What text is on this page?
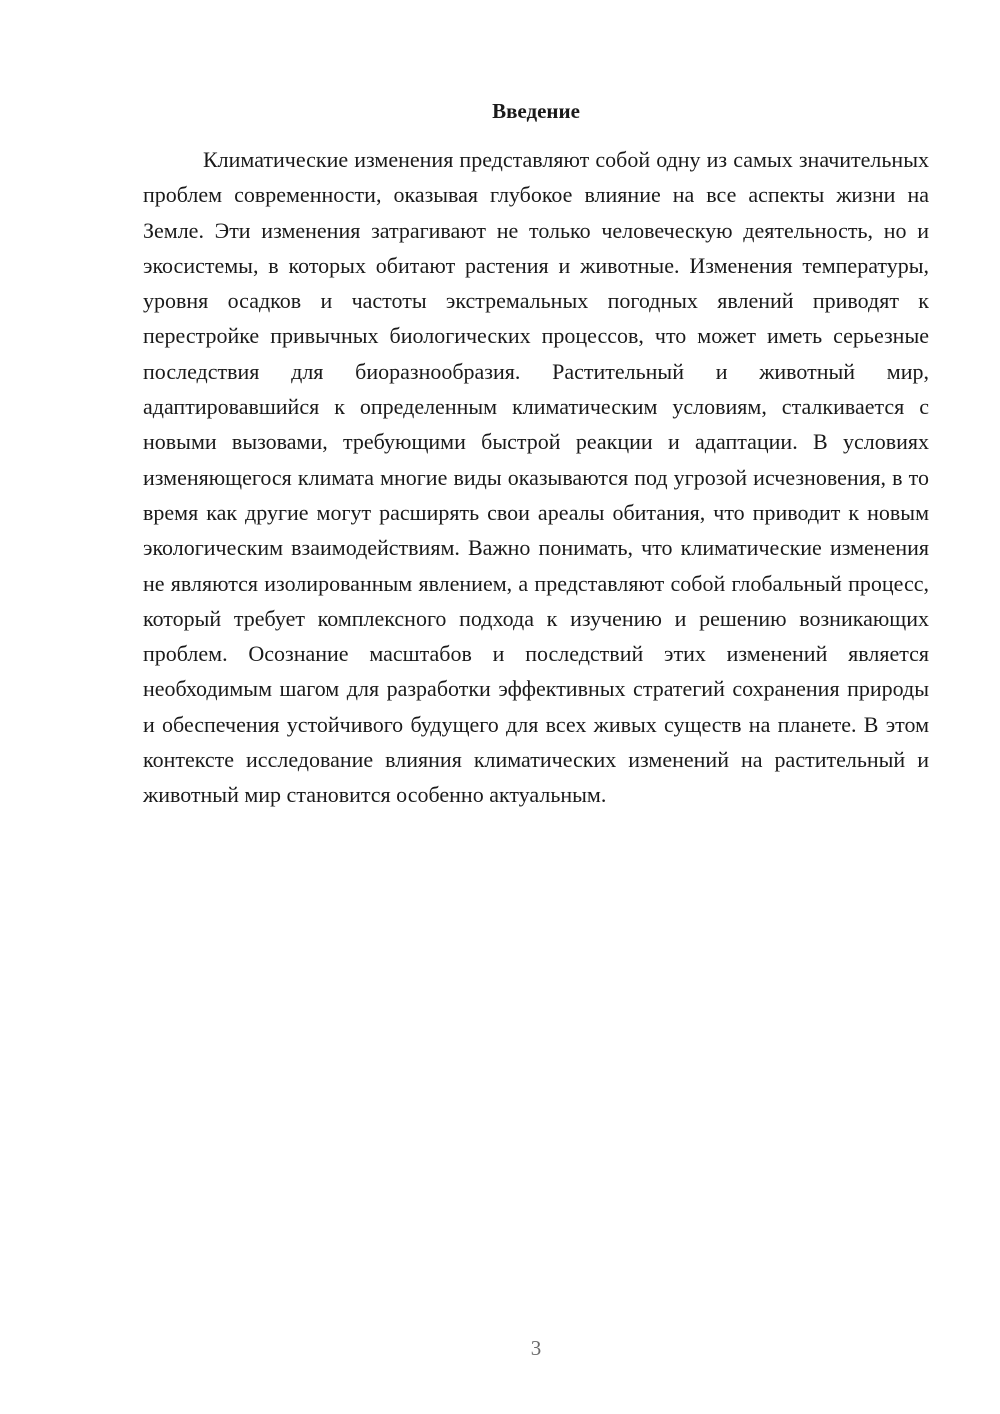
Введение

Климатические изменения представляют собой одну из самых значительных проблем современности, оказывая глубокое влияние на все аспекты жизни на Земле. Эти изменения затрагивают не только человеческую деятельность, но и экосистемы, в которых обитают растения и животные. Изменения температуры, уровня осадков и частоты экстремальных погодных явлений приводят к перестройке привычных биологических процессов, что может иметь серьезные последствия для биоразнообразия. Растительный и животный мир, адаптировавшийся к определенным климатическим условиям, сталкивается с новыми вызовами, требующими быстрой реакции и адаптации. В условиях изменяющегося климата многие виды оказываются под угрозой исчезновения, в то время как другие могут расширять свои ареалы обитания, что приводит к новым экологическим взаимодействиям. Важно понимать, что климатические изменения не являются изолированным явлением, а представляют собой глобальный процесс, который требует комплексного подхода к изучению и решению возникающих проблем. Осознание масштабов и последствий этих изменений является необходимым шагом для разработки эффективных стратегий сохранения природы и обеспечения устойчивого будущего для всех живых существ на планете. В этом контексте исследование влияния климатических изменений на растительный и животный мир становится особенно актуальным.

3
